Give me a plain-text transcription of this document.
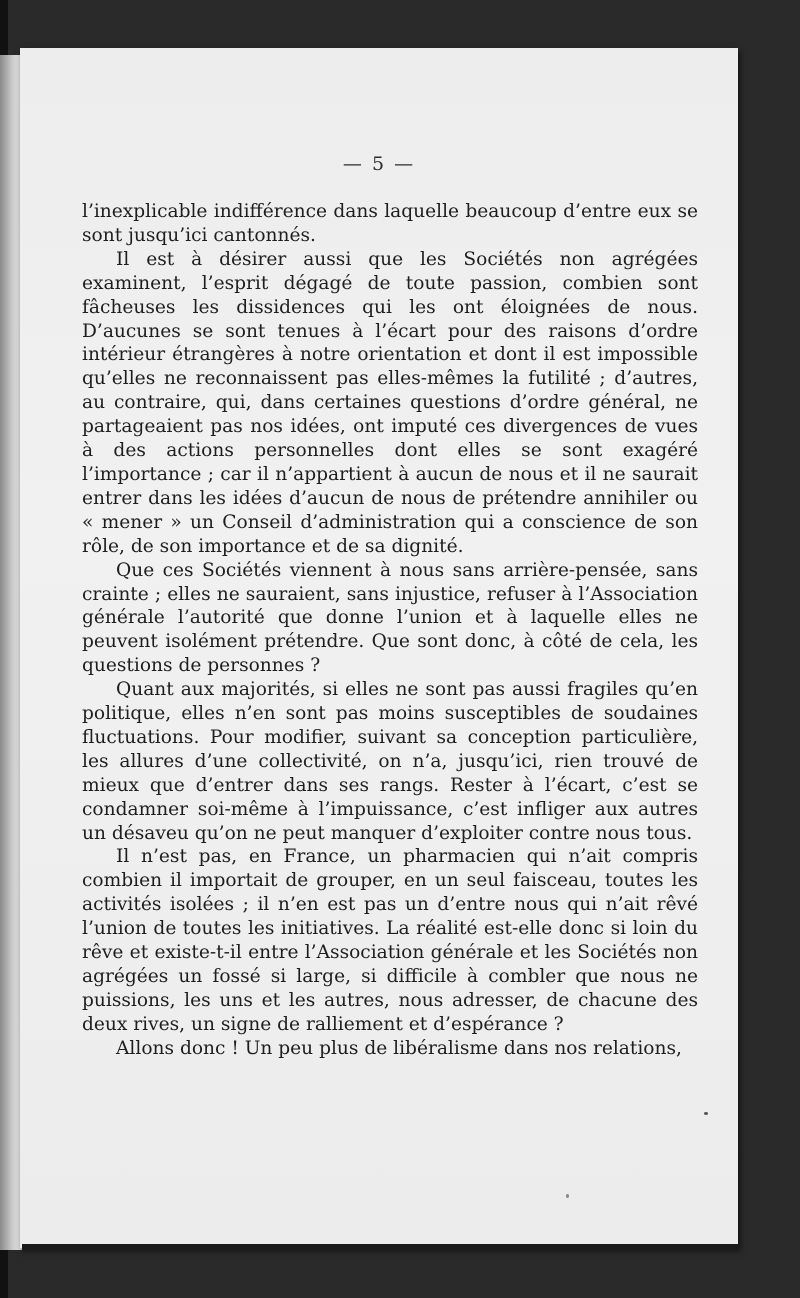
— 5 —

l’inexplicable indifférence dans laquelle beaucoup d’entre eux se sont jusqu’ici cantonnés.

Il est à désirer aussi que les Sociétés non agrégées examinent, l’esprit dégagé de toute passion, combien sont fâcheuses les dissidences qui les ont éloignées de nous. D’aucunes se sont tenues à l’écart pour des raisons d’ordre intérieur étrangères à notre orientation et dont il est impossible qu’elles ne reconnaissent pas elles-mêmes la futilité ; d’autres, au contraire, qui, dans certaines questions d’ordre général, ne partageaient pas nos idées, ont imputé ces divergences de vues à des actions personnelles dont elles se sont exagéré l’importance ; car il n’appartient à aucun de nous et il ne saurait entrer dans les idées d’aucun de nous de prétendre annihiler ou « mener » un Conseil d’administration qui a conscience de son rôle, de son importance et de sa dignité.

Que ces Sociétés viennent à nous sans arrière-pensée, sans crainte ; elles ne sauraient, sans injustice, refuser à l’Association générale l’autorité que donne l’union et à laquelle elles ne peuvent isolément prétendre. Que sont donc, à côté de cela, les questions de personnes ?

Quant aux majorités, si elles ne sont pas aussi fragiles qu’en politique, elles n’en sont pas moins susceptibles de soudaines fluctuations. Pour modifier, suivant sa conception particulière, les allures d’une collectivité, on n’a, jusqu’ici, rien trouvé de mieux que d’entrer dans ses rangs. Rester à l’écart, c’est se condamner soi-même à l’impuissance, c’est infliger aux autres un désaveu qu’on ne peut manquer d’exploiter contre nous tous.

Il n’est pas, en France, un pharmacien qui n’ait compris combien il importait de grouper, en un seul faisceau, toutes les activités isolées ; il n’en est pas un d’entre nous qui n’ait rêvé l’union de toutes les initiatives. La réalité est-elle donc si loin du rêve et existe-t-il entre l’Association générale et les Sociétés non agrégées un fossé si large, si difficile à combler que nous ne puissions, les uns et les autres, nous adresser, de chacune des deux rives, un signe de ralliement et d’espérance ?

Allons donc ! Un peu plus de libéralisme dans nos relations,
